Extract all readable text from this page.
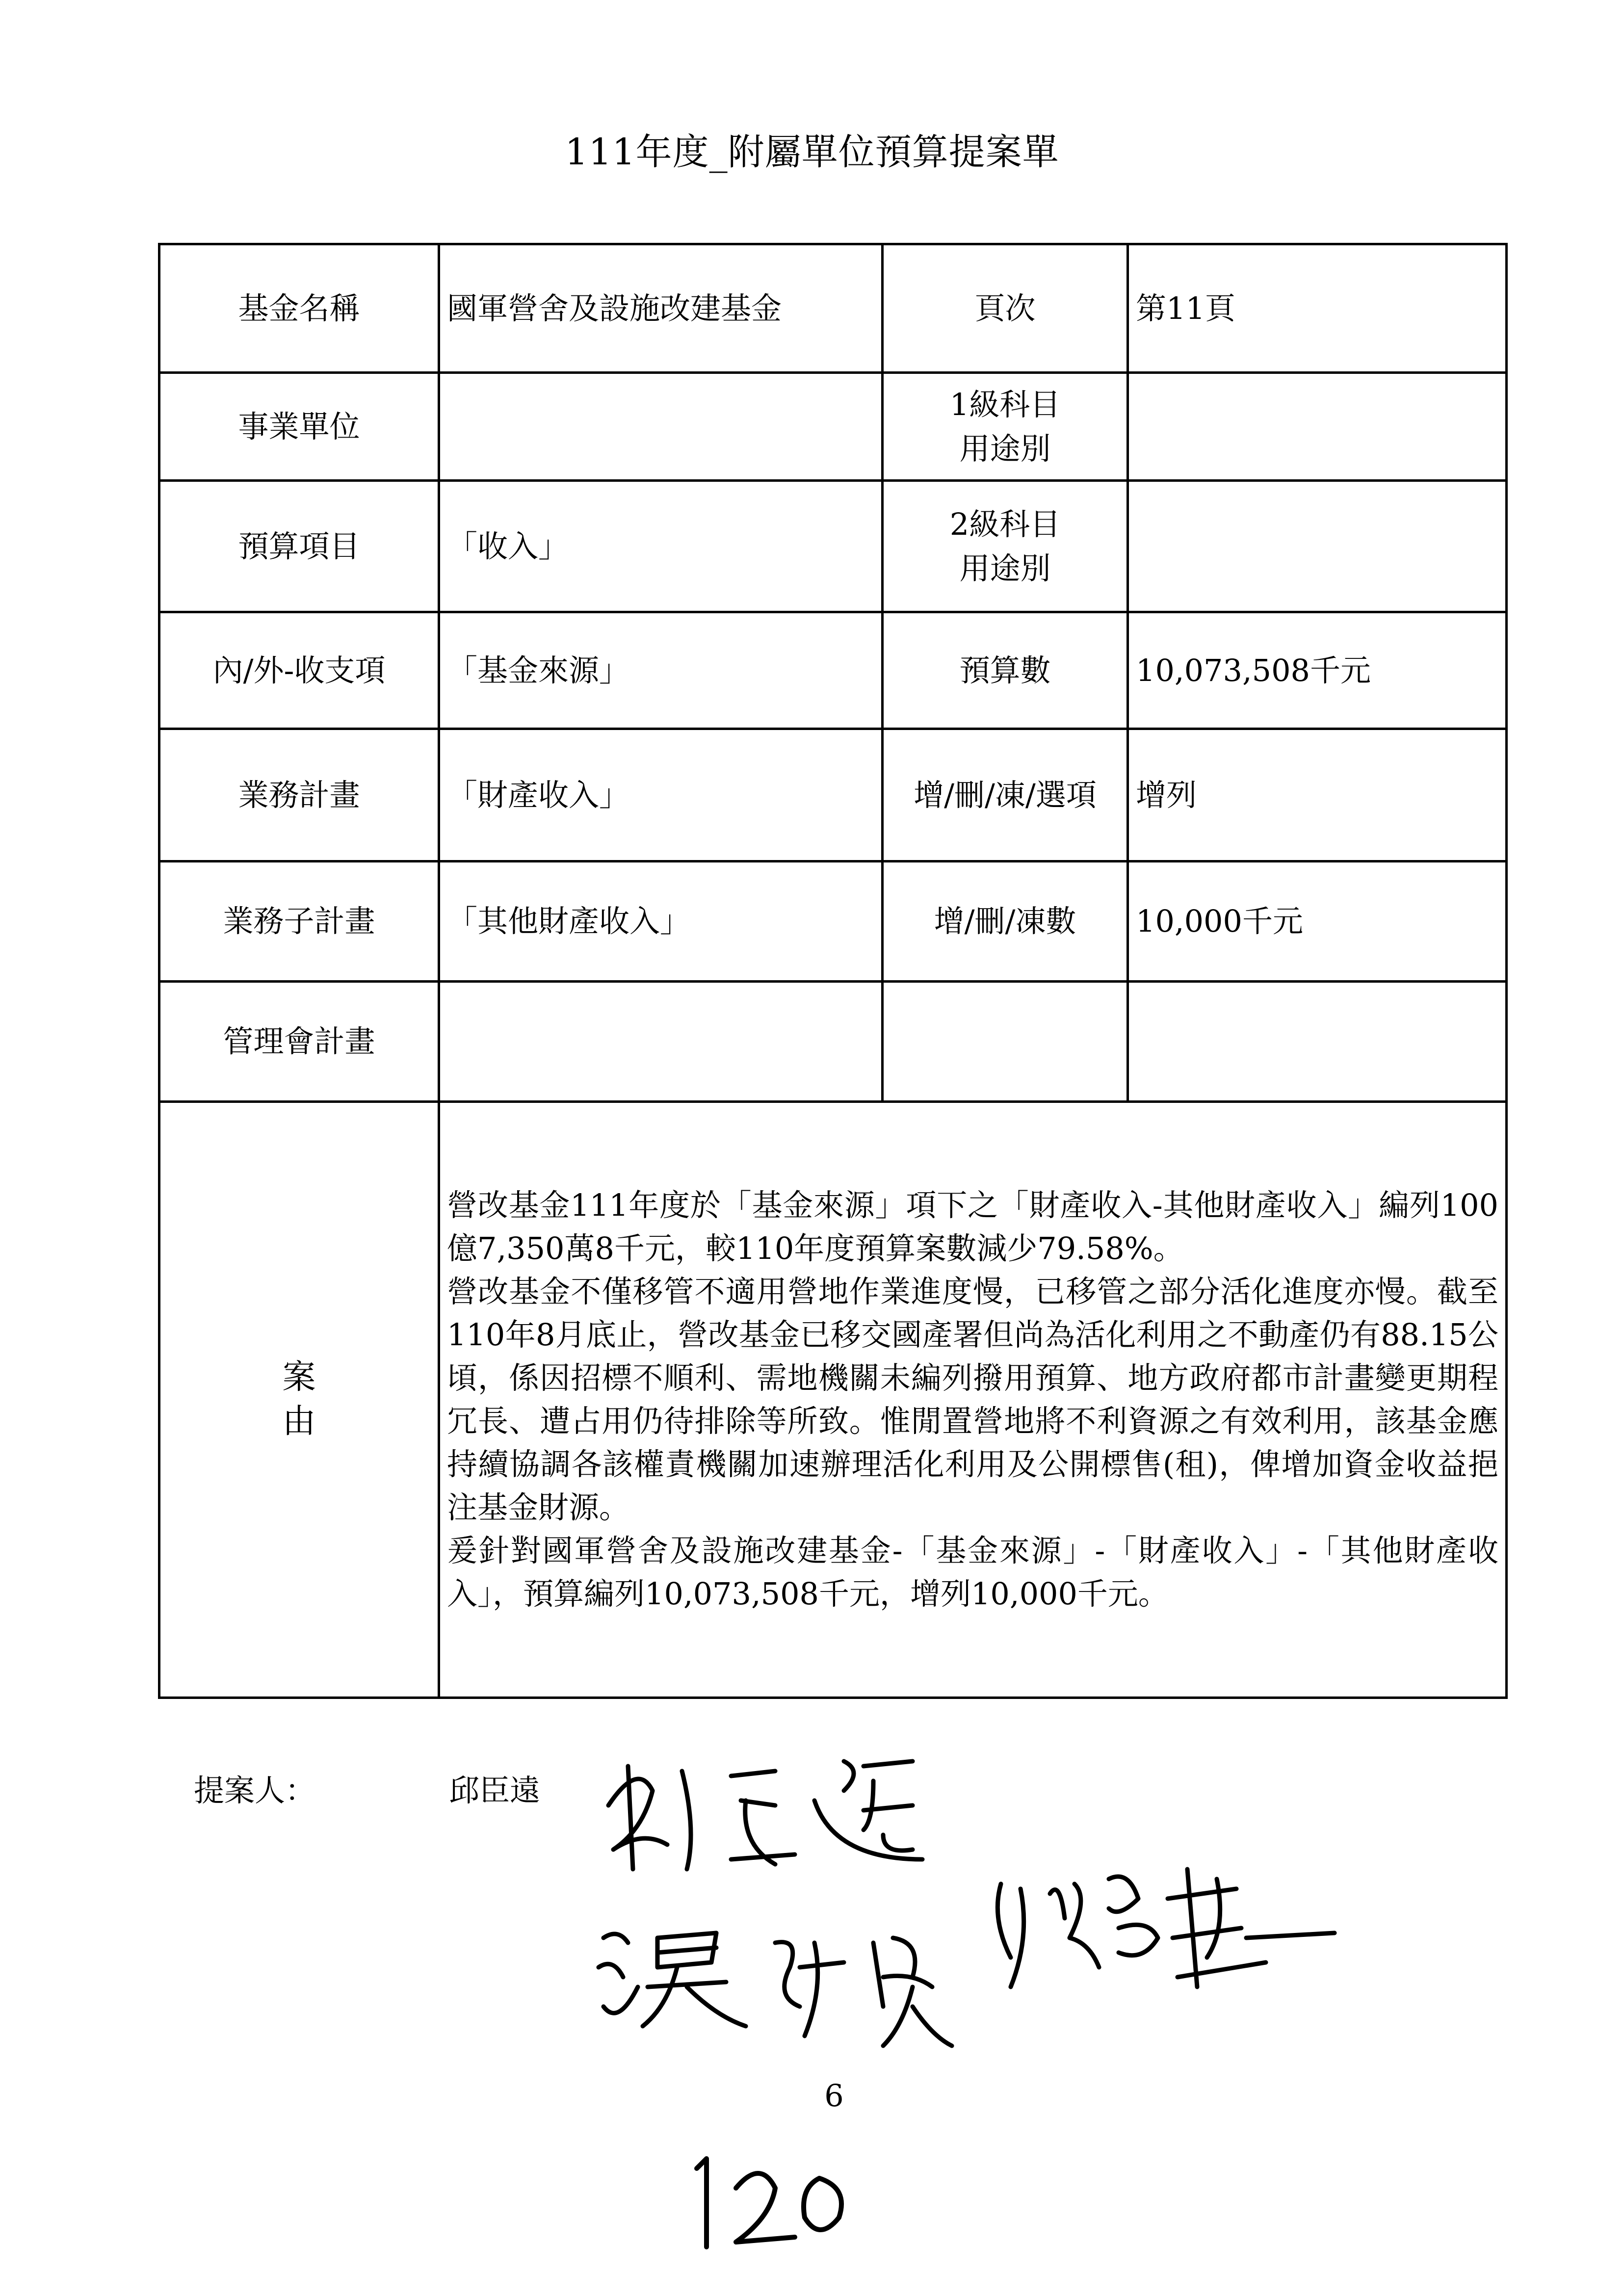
111年度_附屬單位預算提案單
基金名稱	國軍營舍及設施改建基金	頁次	第11頁
事業單位		1級科目
用途別	

預算項目	「收入」	2級科目
用途別	

內/外-收支項	「基金來源」	預算數	10,073,508千元
業務計畫	「財產收入」	增/刪/凍/選項	增列
業務子計畫	「其他財產收入」	增/刪/凍數	10,000千元
管理會計畫			
案由	營改基金111年度於「基金來源」項下之「財產收入-其他財產收入」編列100億7,350萬8千元，較110年度預算案數減少79.58%。
營改基金不僅移管不適用營地作業進度慢，已移管之部分活化進度亦慢。截至110年8月底止，營改基金已移交國產署但尚為活化利用之不動產仍有88.15公頃，係因招標不順利、需地機關未編列撥用預算、地方政府都市計畫變更期程冗長、遭占用仍待排除等所致。惟閒置營地將不利資源之有效利用，該基金應持續協調各該權責機關加速辦理活化利用及公開標售(租)，俾增加資金收益挹注基金財源。
爰針對國軍營舍及設施改建基金-「基金來源」-「財產收入」-「其他財產收入」，預算編列10,073,508千元，增列10,000千元。		
提案人：	邱臣遠
6
